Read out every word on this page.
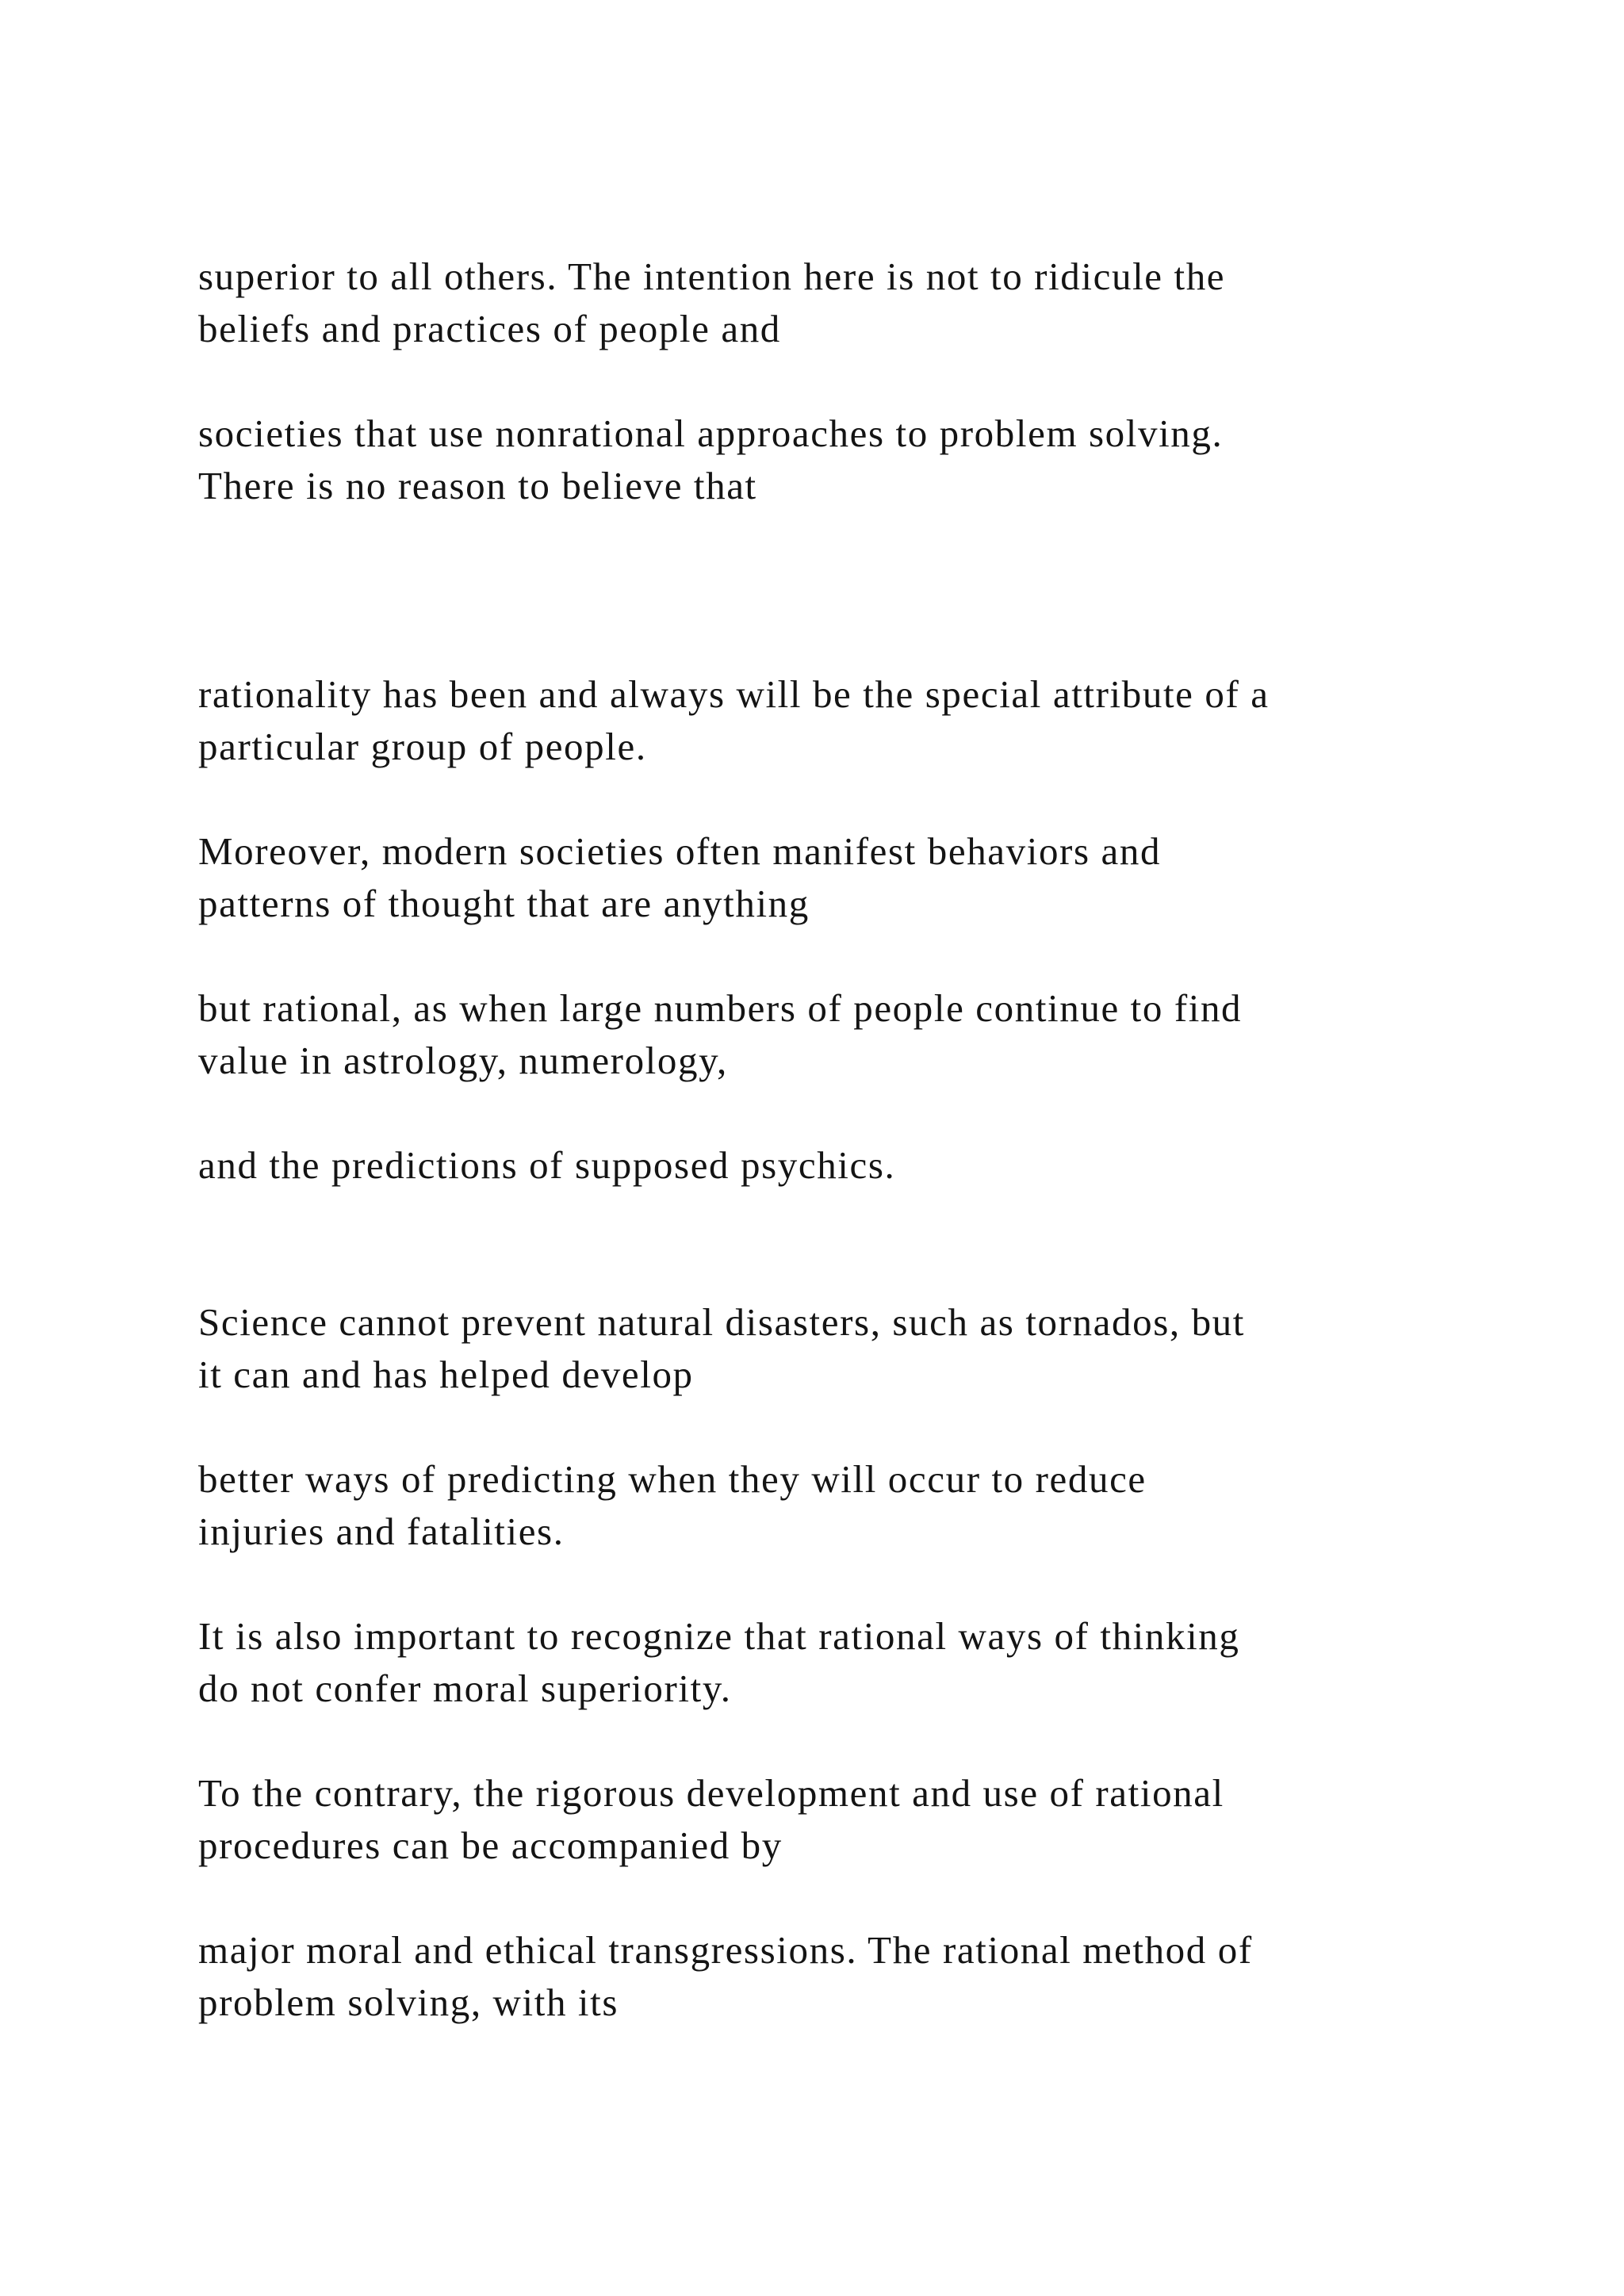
superior to all others. The intention here is not to ridicule the
beliefs and practices of people and

societies that use nonrational approaches to problem solving.
There is no reason to believe that

rationality has been and always will be the special attribute of a
particular group of people.

Moreover, modern societies often manifest behaviors and
patterns of thought that are anything

but rational, as when large numbers of people continue to find
value in astrology, numerology,

and the predictions of supposed psychics.

Science cannot prevent natural disasters, such as tornados, but
it can and has helped develop

better ways of predicting when they will occur to reduce
injuries and fatalities.

It is also important to recognize that rational ways of thinking
do not confer moral superiority.

To the contrary, the rigorous development and use of rational
procedures can be accompanied by

major moral and ethical transgressions. The rational method of
problem solving, with its
